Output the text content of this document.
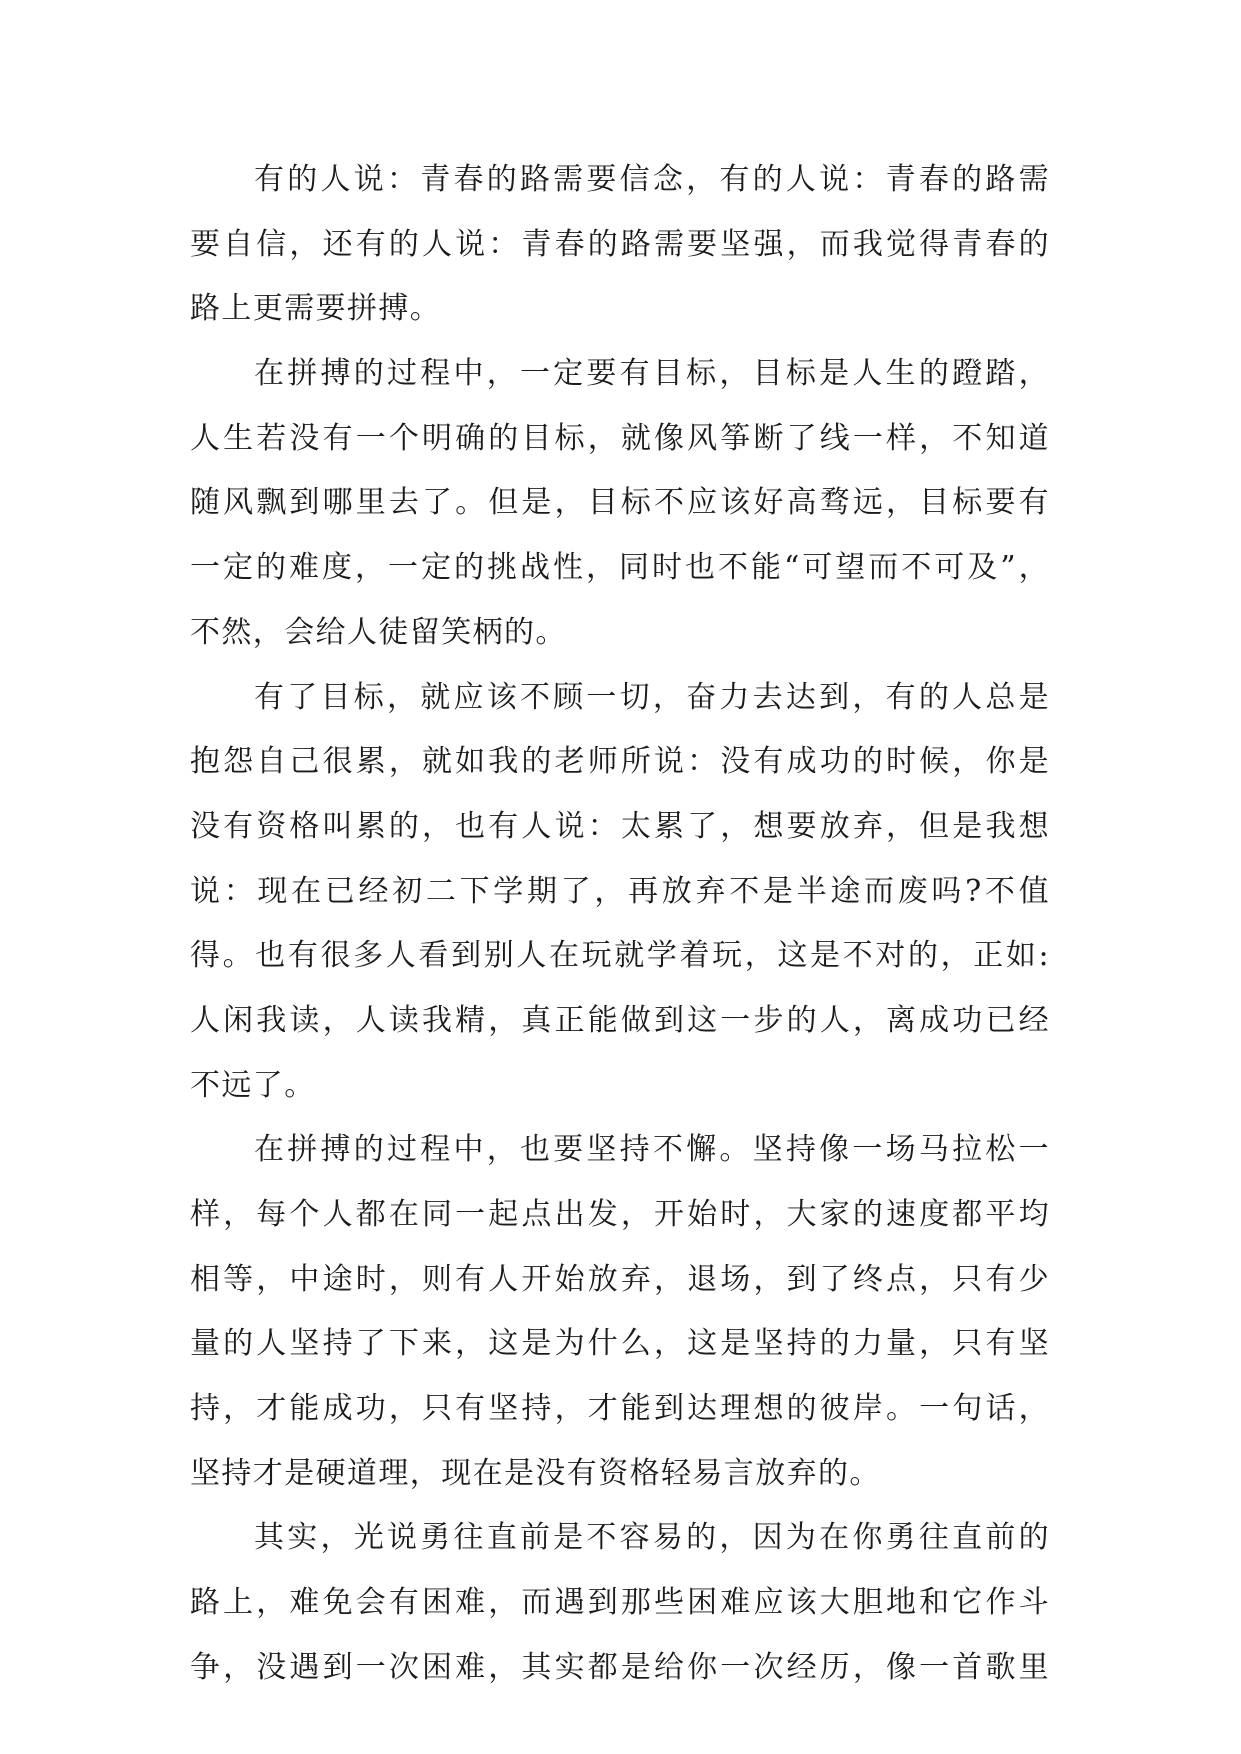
有的人说：青春的路需要信念，有的人说：青春的路需
要自信，还有的人说：青春的路需要坚强，而我觉得青春的
路上更需要拼搏。
在拼搏的过程中，一定要有目标，目标是人生的蹬踏，
人生若没有一个明确的目标，就像风筝断了线一样，不知道
随风飘到哪里去了。但是，目标不应该好高骛远，目标要有
一定的难度，一定的挑战性，同时也不能“可望而不可及”，
不然，会给人徒留笑柄的。
有了目标，就应该不顾一切，奋力去达到，有的人总是
抱怨自己很累，就如我的老师所说：没有成功的时候，你是
没有资格叫累的，也有人说：太累了，想要放弃，但是我想
说：现在已经初二下学期了，再放弃不是半途而废吗?不值
得。也有很多人看到别人在玩就学着玩，这是不对的，正如:
人闲我读，人读我精，真正能做到这一步的人，离成功已经
不远了。
在拼搏的过程中，也要坚持不懈。坚持像一场马拉松一
样，每个人都在同一起点出发，开始时，大家的速度都平均
相等，中途时，则有人开始放弃，退场，到了终点，只有少
量的人坚持了下来，这是为什么，这是坚持的力量，只有坚
持，才能成功，只有坚持，才能到达理想的彼岸。一句话，
坚持才是硬道理，现在是没有资格轻易言放弃的。
其实，光说勇往直前是不容易的，因为在你勇往直前的
路上，难免会有困难，而遇到那些困难应该大胆地和它作斗
争，没遇到一次困难，其实都是给你一次经历，像一首歌里
